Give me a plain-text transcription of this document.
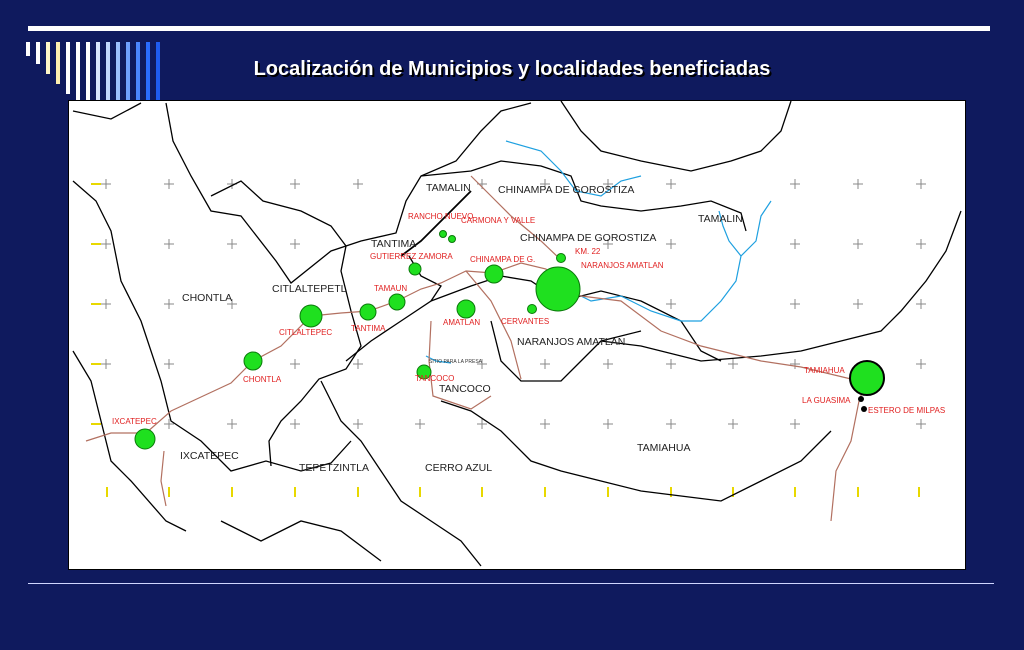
Localización de Municipios y localidades beneficiadas
CHONTLA
CITLALTEPETL
TANTIMA
TAMALIN	CHINAMPA DE GOROSTIZA
CHINAMPA DE GOROSTIZA
TAMALIN
NARANJOS AMATLAN
TANCOCO
IXCATEPEC
TEPETZINTLA	CERRO AZUL
TAMIAHUA
IXCATEPEC
CHONTLA
CITLALTEPEC TANTIMA
TAMAUN
GUTIERREZ ZAMORA
RANCHO NUEVO
CARMONA Y VALLE
CHINAMPA DE G.
AMATLAN
TANCOCO
NARANJOS AMATLAN
KM. 22
CERVANTES
TAMIAHUA
LA GUASIMA
ESTERO DE MILPAS
SITIO PARA LA PRESA
